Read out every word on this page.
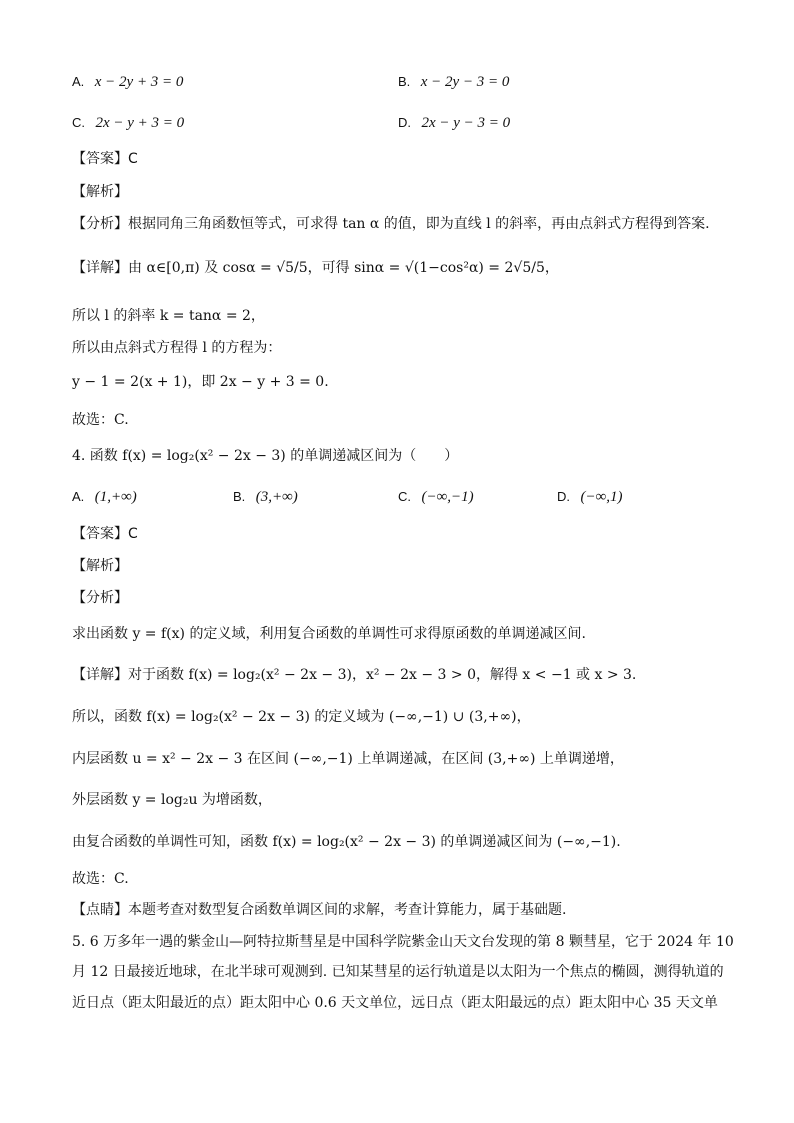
A. x − 2y + 3 = 0	B. x − 2y − 3 = 0
C. 2x − y + 3 = 0	D. 2x − y − 3 = 0
【答案】C
【解析】
【分析】根据同角三角函数恒等式，可求得 tan α 的值，即为直线 l 的斜率，再由点斜式方程得到答案.
【详解】由 α∈[0,π) 及 cosα = √5/5，可得 sinα = √(1−cos²α) = 2√5/5，
所以 l 的斜率 k = tanα = 2，
所以由点斜式方程得 l 的方程为：
y − 1 = 2(x + 1)，即 2x − y + 3 = 0.
故选：C.
4. 函数 f(x) = log₂(x² − 2x − 3) 的单调递减区间为（　　）
A. (1,+∞)	B. (3,+∞)	C. (−∞,−1)	D. (−∞,1)
【答案】C
【解析】
【分析】
求出函数 y = f(x) 的定义域，利用复合函数的单调性可求得原函数的单调递减区间.
【详解】对于函数 f(x) = log₂(x² − 2x − 3)，x² − 2x − 3 > 0，解得 x < −1 或 x > 3.
所以，函数 f(x) = log₂(x² − 2x − 3) 的定义域为 (−∞,−1) ∪ (3,+∞)，
内层函数 u = x² − 2x − 3 在区间 (−∞,−1) 上单调递减，在区间 (3,+∞) 上单调递增，
外层函数 y = log₂u 为增函数，
由复合函数的单调性可知，函数 f(x) = log₂(x² − 2x − 3) 的单调递减区间为 (−∞,−1).
故选：C.
【点睛】本题考查对数型复合函数单调区间的求解，考查计算能力，属于基础题.
5. 6 万多年一遇的紫金山—阿特拉斯彗星是中国科学院紫金山天文台发现的第 8 颗彗星，它于 2024 年 10
月 12 日最接近地球，在北半球可观测到. 已知某彗星的运行轨道是以太阳为一个焦点的椭圆，测得轨道的
近日点（距太阳最近的点）距太阳中心 0.6 天文单位，远日点（距太阳最远的点）距太阳中心 35 天文单
